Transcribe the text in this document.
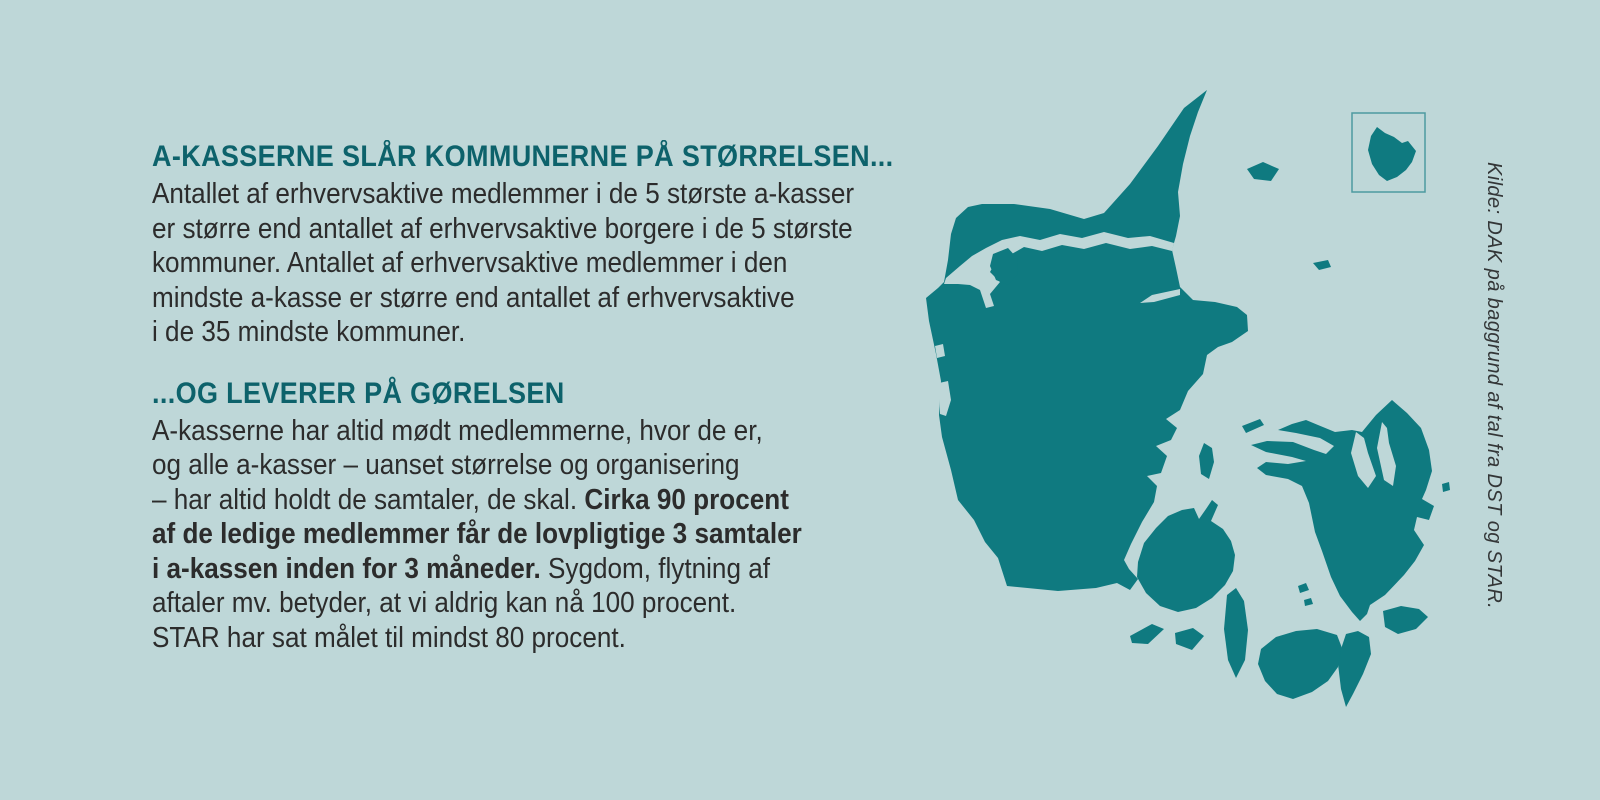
A-KASSERNE SLÅR KOMMUNERNE PÅ STØRRELSEN...
Antallet af erhvervsaktive medlemmer i de 5 største a-kasser
er større end antallet af erhvervsaktive borgere i de 5 største
kommuner. Antallet af erhvervsaktive medlemmer i den
mindste a-kasse er større end antallet af erhvervsaktive
i de 35 mindste kommuner.
...OG LEVERER PÅ GØRELSEN
A-kasserne har altid mødt medlemmerne, hvor de er,
og alle a-kasser – uanset størrelse og organisering
– har altid holdt de samtaler, de skal. Cirka 90 procent
af de ledige medlemmer får de lovpligtige 3 samtaler
i a-kassen inden for 3 måneder. Sygdom, flytning af
aftaler mv. betyder, at vi aldrig kan nå 100 procent.
STAR har sat målet til mindst 80 procent.
Kilde: DAK på baggrund af tal fra DST og STAR.
